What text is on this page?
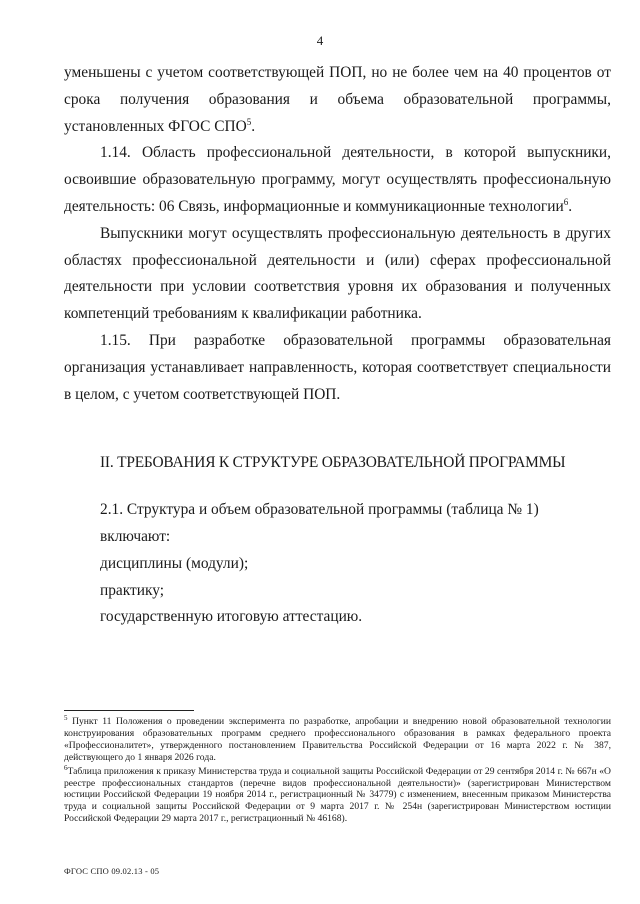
4

уменьшены с учетом соответствующей ПОП, но не более чем на 40 процентов от срока получения образования и объема образовательной программы, установленных ФГОС СПО$^5$.

1.14. Область профессиональной деятельности, в которой выпускники, освоившие образовательную программу, могут осуществлять профессиональную деятельность: 06 Связь, информационные и коммуникационные технологии$^6$.

Выпускники могут осуществлять профессиональную деятельность в других областях профессиональной деятельности и (или) сферах профессиональной деятельности при условии соответствия уровня их образования и полученных компетенций требованиям к квалификации работника.

1.15. При разработке образовательной программы образовательная организация устанавливает направленность, которая соответствует специальности в целом, с учетом соответствующей ПОП.

II. ТРЕБОВАНИЯ К СТРУКТУРЕ ОБРАЗОВАТЕЛЬНОЙ ПРОГРАММЫ

2.1. Структура и объем образовательной программы (таблица № 1) включают:

дисциплины (модули);

практику;

государственную итоговую аттестацию.

$^5$ Пункт 11 Положения о проведении эксперимента по разработке, апробации и внедрению новой образовательной технологии конструирования образовательных программ среднего профессионального образования в рамках федерального проекта «Профессионалитет», утвержденного постановлением Правительства Российской Федерации от 16 марта 2022 г. № 387, действующего до 1 января 2026 года.

$^6$Таблица приложения к приказу Министерства труда и социальной защиты Российской Федерации от 29 сентября 2014 г. № 667н «О реестре профессиональных стандартов (перечне видов профессиональной деятельности)» (зарегистрирован Министерством юстиции Российской Федерации 19 ноября 2014 г., регистрационный № 34779) с изменением, внесенным приказом Министерства труда и социальной защиты Российской Федерации от 9 марта 2017 г. № 254н (зарегистрирован Министерством юстиции Российской Федерации 29 марта 2017 г., регистрационный № 46168).

ФГОС СПО 09.02.13 - 05
